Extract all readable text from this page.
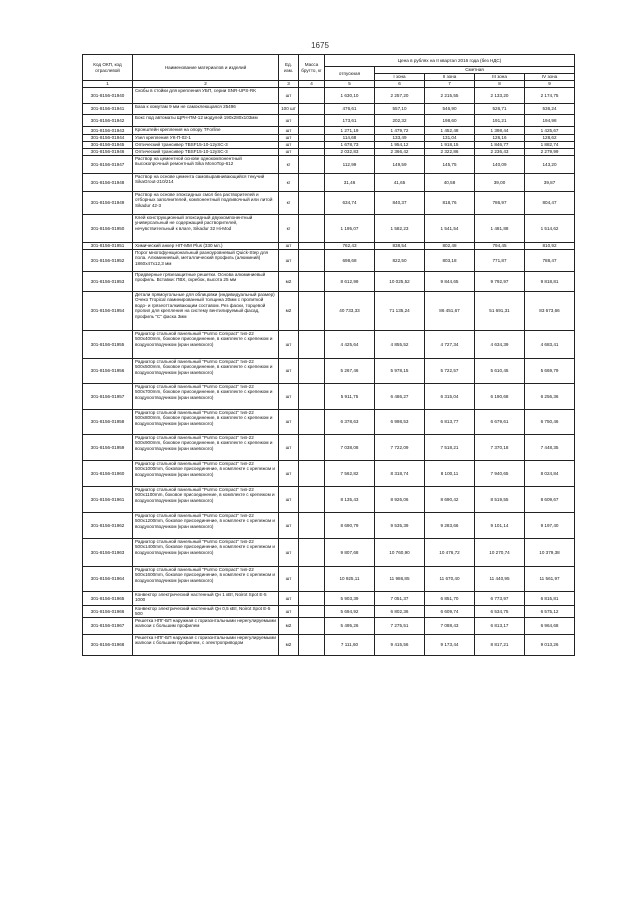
1675
Код ОКП, код отраслевой	Наименование материалов и изделий	Ед. изм.	Масса брутто, кг	Цена в рублях на II квартал 2016 года (без НДС)				
				отпускная	Сметная			
					I зона	II зона	III зона	IV зона
1	2	3	4	5	6	7	8	9
301-8156-01940	Скобы в стойки для крепления УБП, серии SNR-UPS-RK	шт		1 630,10	2 257,20	2 215,55	2 133,20	2 174,75
301-8156-01941	База к хомутам 9 мм не самоклеющаяся 25496	100 шт		476,61	557,10	546,90	526,71	536,24
301-8156-01942	Бокс под автоматы ЩРН-ПМ-12 модулей 190х280х103мм	шт		173,61	202,32	198,60	191,21	194,98
301-8156-01943	Кронштейн крепления на опору TForline	шт		1 271,19	1 479,72	1 452,48	1 398,44	1 425,67
301-8156-01944	Узел крепления УК-П-02-1	шт		114,68	133,49	131,04	126,16	128,62
301-8156-01945	Оптический трансивер TBSF15-10-12ySC-3	шт		1 678,73	1 954,12	1 918,15	1 846,77	1 882,74
301-8156-01946	Оптический трансивер TBSF15-10-12ySC-3	шт		2 032,83	2 366,42	2 322,86	2 236,43	2 279,99
301-8156-01947	Раствор на цементной основе однокомпонентный высокопрочный ремонтный Sika MonoTop-612	кг		112,99	149,59	145,75	140,09	143,20
301-8156-01948	Раствор на основе цемента самовыравнивающийся текучий SikaGrout-210/214	кг		31,46	41,65	40,58	39,00	39,87
301-8156-01949	Раствор на основе эпоксидных смол без растворителей и отборных заполнителей, компонентный подливочный или литой Sikadur 42-3	кг		634,74	840,37	818,76	786,97	804,47
301-8156-01950	Клей конструкционный эпоксидный двухкомпонентный универсальный не содержащий растворителей, нечувствительный к влаге, Sikadur 32 Hi-Mod	кг		1 195,07	1 582,23	1 541,54	1 481,88	1 514,62
301-8156-01951	Химический анкер HIT-MM Plus (330 мл.)	шт		762,43	838,54	802,48	794,45	810,92
301-8156-01952	Порог многофункциональный разноуровневый Quick-Step для пола. Алюминиевый, металлический профиль (алюминий) 1860х47х12,3 мм	шт		698,68	822,50	803,18	771,87	788,47
301-8156-01953	Придверные грязезащитные решетки. Основа алюминиевый профиль. Вставки: ПВХ, скребок, высота 25 мм	м2		8 612,99	10 025,52	9 844,65	9 792,97	9 818,81
301-8156-01954	Детали прямоугольные для облицовки (индивидуальный размер) Очеко Tropical ламинированный толщина 20мм с пропиткой водо- и грязеотталкивающим составом. Рез фаски, торцевой пропил для крепления на систему вентилируемый фасад, профиль "С" фаска 3мм	м2		40 733,33	71 135,24	86 451,67	51 691,31	83 673,66
301-8156-01955	Радиатор стальной панельный "Purmo Compact" тип-22 500х400mm, боковое присоединение, в комплекте с крепежом и воздухоотводчиком (кран маевского)	шт		4 425,64	4 855,52	4 727,34	4 634,39	4 683,41
301-8156-01956	Радиатор стальной панельный "Purmo Compact" тип-22 500х500mm, боковое присоединение, в комплекте с крепежом и воздухоотводчиком (кран маевского)	шт		5 267,46	5 978,15	5 722,57	5 610,45	5 669,79
301-8156-01957	Радиатор стальной панельный "Purmo Compact" тип-22 500х700mm, боковое присоединение, в комплекте с крепежом и воздухоотводчиком (кран маевского)	шт		5 911,75	6 486,27	6 315,04	6 190,68	6 256,36
301-8156-01958	Радиатор стальной панельный "Purmo Compact" тип-22 500х800mm, боковое присоединение, в комплекте с крепежом и воздухоотводчиком (кран маевского)	шт		6 378,63	6 998,53	6 813,77	6 679,61	6 750,46
301-8156-01959	Радиатор стальной панельный "Purmo Compact" тип-22 500х900mm, боковое присоединение, в комплекте с крепежом и воздухоотводчиком (кран маевского)	шт		7 038,08	7 722,09	7 518,21	7 370,18	7 448,35
301-8156-01960	Радиатор стальной панельный "Purmo Compact" тип-22 500х1000mm, боковое присоединение, в комплекте с крепежом и воздухоотводчиком (кран маевского)	шт		7 562,82	8 318,74	8 100,11	7 940,65	8 024,84
301-8156-01961	Радиатор стальной панельный "Purmo Compact" тип-22 500х1100mm, боковое присоединение, в комплекте с крепежом и воздухоотводчиком (кран маевского)	шт		8 135,43	8 926,06	8 690,42	8 519,55	8 609,67
301-8156-01962	Радиатор стальной панельный "Purmo Compact" тип-22 500х1200mm, боковое присоединение, в комплекте с крепежом и воздухоотводчиком (кран маевского)	шт		8 690,79	9 535,39	9 283,66	9 101,14	9 197,40
301-8156-01963	Радиатор стальной панельный "Purmo Compact" тип-22 500х1400mm, боковое присоединение, в комплекте с крепежом и воздухоотводчиком (кран маевского)	шт		9 807,68	10 760,90	10 476,72	10 270,74	10 379,38
301-8156-01964	Радиатор стальной панельный "Purmo Compact" тип-22 500х1600mm, боковое присоединение, в комплекте с крепежом и воздухоотводчиком (кран маевского)	шт		10 925,11	11 986,85	11 670,40	11 440,95	11 561,97
301-8156-01965	Конвектор электрический настенный Qн 1 кВт, Noirot Spot E-5 1000	шт		5 903,39	7 051,37	6 851,70	6 773,97	6 815,81
301-8156-01966	Конвектор электрический настенный Qн 0,5 кВт, Noirot Spot E-5 500	шт		5 694,92	6 802,36	6 609,74	6 534,75	6 575,12
301-8156-01967	Решетка НПГ-БП наружная с горизонтальными нерегулируемыми жалюзи с большим профилем	м2		5 495,26	7 275,51	7 088,43	6 813,17	6 964,68
301-8156-01968	Решетка НПГ-БП наружная с горизонтальными нерегулируемыми жалюзи с большим профилем, с электроприводом	м2		7 111,60	9 415,56	9 173,44	8 817,21	9 013,26
